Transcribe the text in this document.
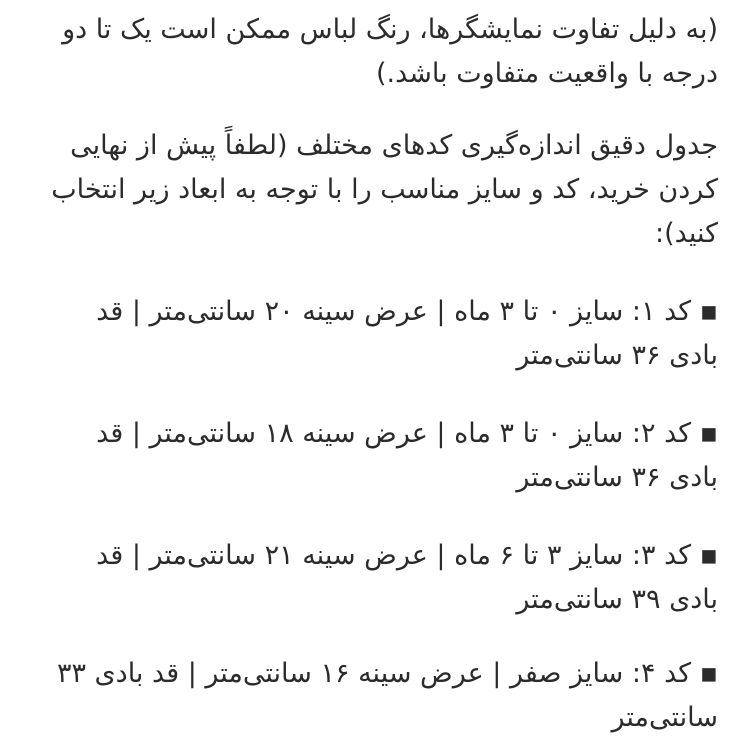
(به دلیل تفاوت نمایشگرها، رنگ لباس ممکن است یک تا دو درجه با واقعیت متفاوت باشد.)

جدول دقیق اندازه‌گیری کدهای مختلف (لطفاً پیش از نهایی کردن خرید، کد و سایز مناسب را با توجه به ابعاد زیر انتخاب کنید):

▪ کد ۱: سایز ۰ تا ۳ ماه | عرض سینه ۲۰ سانتی‌متر | قد بادی ۳۶ سانتی‌متر

▪ کد ۲: سایز ۰ تا ۳ ماه | عرض سینه ۱۸ سانتی‌متر | قد بادی ۳۶ سانتی‌متر

▪ کد ۳: سایز ۳ تا ۶ ماه | عرض سینه ۲۱ سانتی‌متر | قد بادی ۳۹ سانتی‌متر

▪ کد ۴: سایز صفر | عرض سینه ۱۶ سانتی‌متر | قد بادی ۳۳ سانتی‌متر
